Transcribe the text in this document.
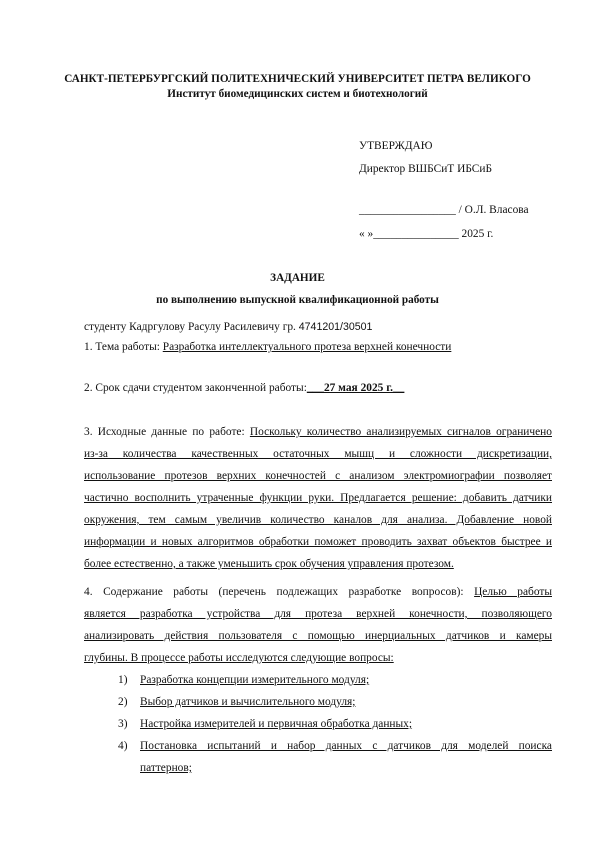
САНКТ-ПЕТЕРБУРГСКИЙ ПОЛИТЕХНИЧЕСКИЙ УНИВЕРСИТЕТ ПЕТРА ВЕЛИКОГО
Институт биомедицинских систем и биотехнологий
УТВЕРЖДАЮ
Директор ВШБСиТ ИБСиБ
_________________ / О.Л. Власова
« »_______________ 2025 г.
ЗАДАНИЕ
по выполнению выпускной квалификационной работы
студенту Кадргулову Расулу Расилевичу гр. 4741201/30501
1. Тема работы: Разработка интеллектуального протеза верхней конечности
2. Срок сдачи студентом законченной работы:___27 мая 2025 г.__
3. Исходные данные по работе: Поскольку количество анализируемых сигналов ограничено
из-за количества качественных остаточных мышц и сложности дискретизации,
использование протезов верхних конечностей с анализом электромиографии позволяет
частично восполнить утраченные функции руки. Предлагается решение: добавить датчики
окружения, тем самым увеличив количество каналов для анализа. Добавление новой
информации и новых алгоритмов обработки поможет проводить захват объектов быстрее и
более естественно, а также уменьшить срок обучения управления протезом.
4. Содержание работы (перечень подлежащих разработке вопросов): Целью работы
является разработка устройства для протеза верхней конечности, позволяющего
анализировать действия пользователя с помощью инерциальных датчиков и камеры
глубины. В процессе работы исследуются следующие вопросы:
1) Разработка концепции измерительного модуля;
2) Выбор датчиков и вычислительного модуля;
3) Настройка измерителей и первичная обработка данных;
4) Постановка испытаний и набор данных с датчиков для моделей поиска
паттернов;
